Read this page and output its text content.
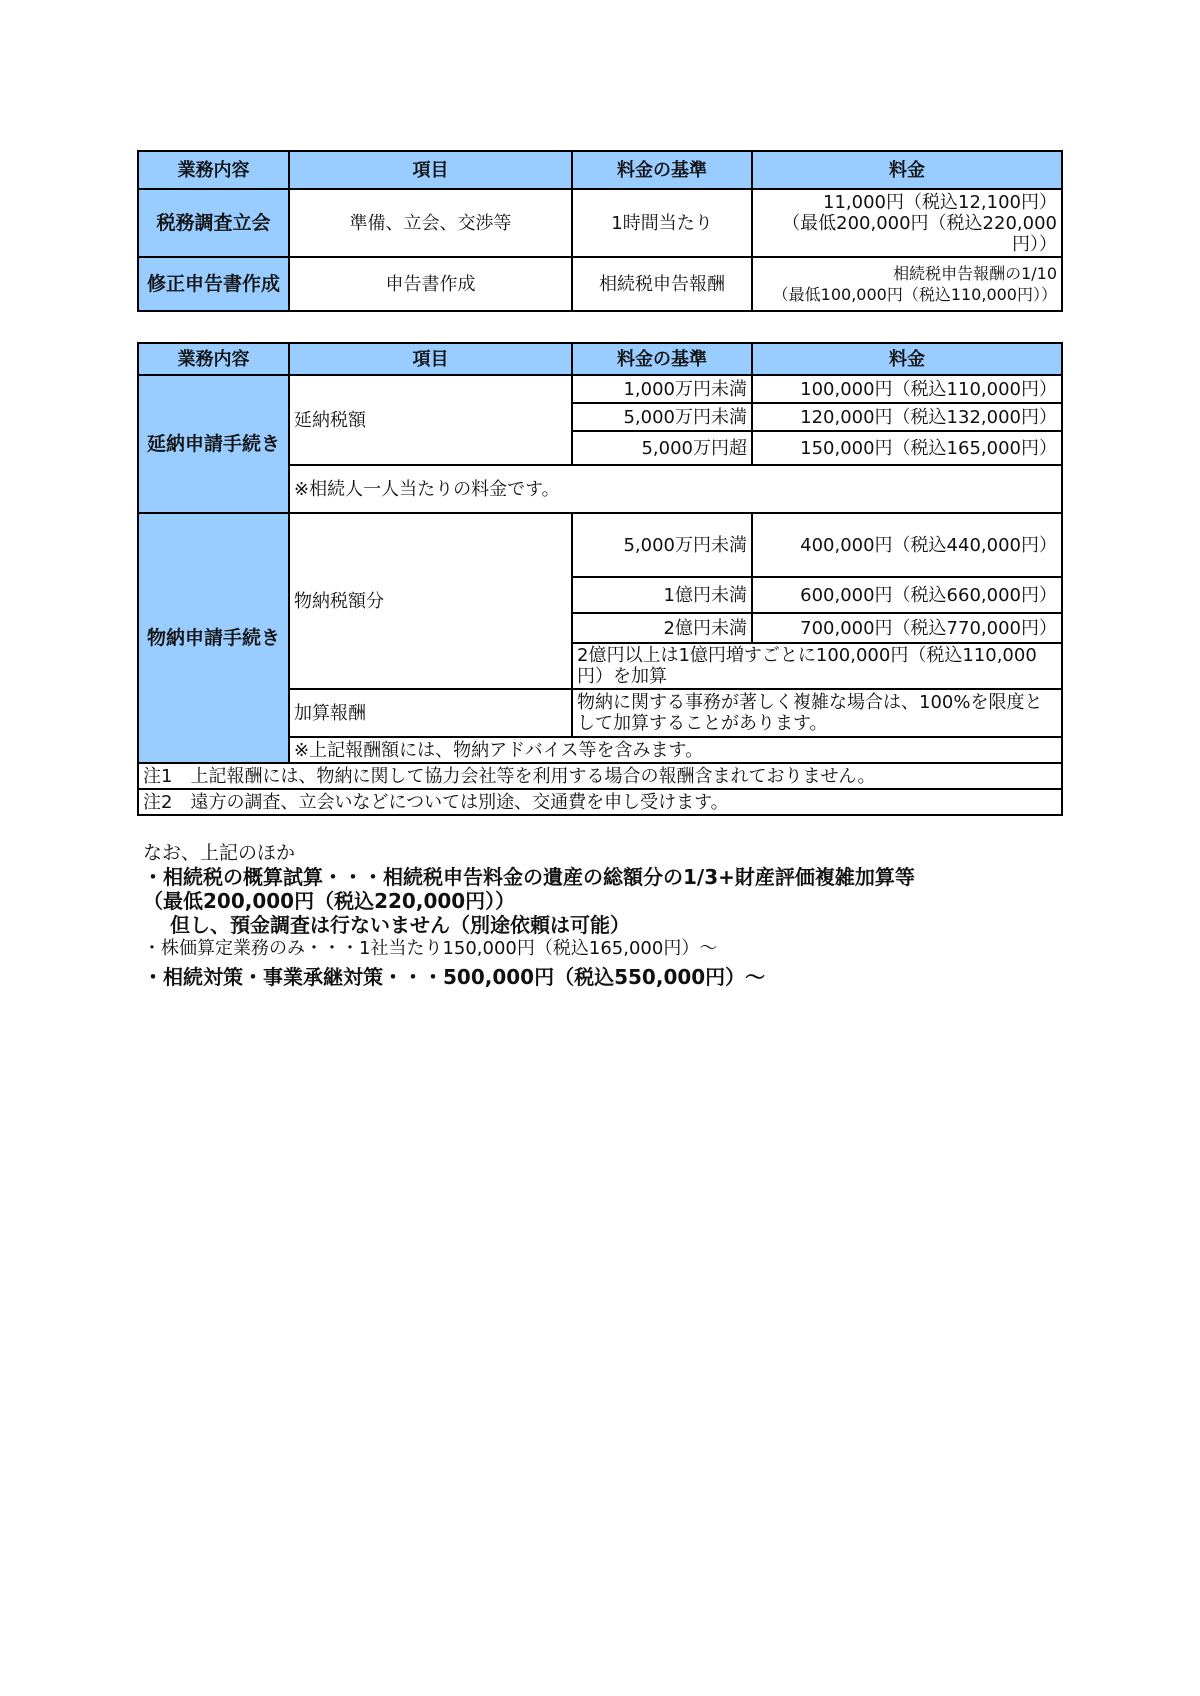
業務内容	項目	料金の基準	料金
税務調査立会	準備、立会、交渉等	1時間当たり	11,000円（税込12,100円）
（最低200,000円（税込220,000円））

修正申告書作成	申告書作成	相続税申告報酬	相続税申告報酬の1/10
（最低100,000円（税込110,000円））
業務内容	項目	料金の基準	料金
延納申請手続き	延納税額	1,000万円未満	100,000円（税込110,000円）
		5,000万円未満	120,000円（税込132,000円）
		5,000万円超	150,000円（税込165,000円）
	※相続人一人当たりの料金です。		
物納申請手続き	物納税額分	5,000万円未満	400,000円（税込440,000円）
		1億円未満	600,000円（税込660,000円）
		2億円未満	700,000円（税込770,000円）
		2億円以上は1億円増すごとに100,000円（税込110,000円）を加算	
	加算報酬	物納に関する事務が著しく複雑な場合は、100%を限度として加算することがあります。	
	※上記報酬額には、物納アドバイス等を含みます。		
注1　上記報酬には、物納に関して協力会社等を利用する場合の報酬含まれておりません。			
注2　遠方の調査、立会いなどについては別途、交通費を申し受けます。			
なお、上記のほか
・相続税の概算試算・・・相続税申告料金の遺産の総額分の1/3+財産評価複雑加算等
（最低200,000円（税込220,000円））
　 但し、預金調査は行ないません（別途依頼は可能）
・株価算定業務のみ・・・1社当たり150,000円（税込165,000円）～
・相続対策・事業承継対策・・・500,000円（税込550,000円）～
